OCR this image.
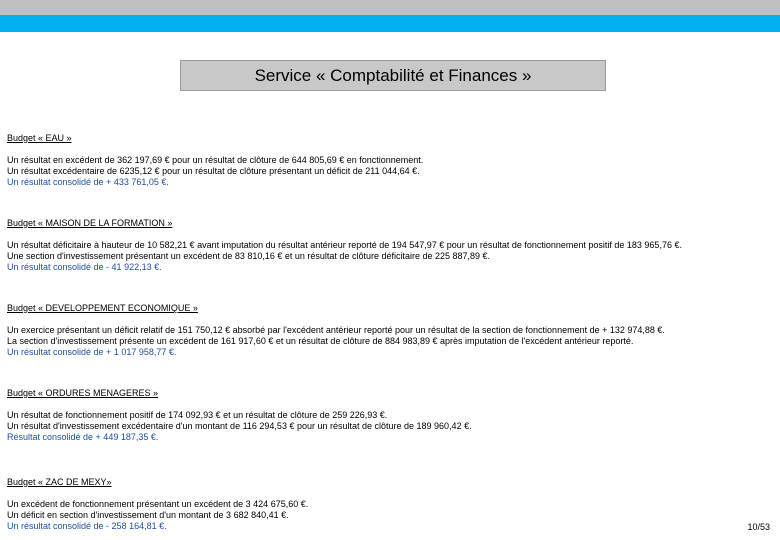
Service « Comptabilité et Finances »
Budget « EAU »
Un résultat en excédent de 362 197,69 € pour un résultat de clôture de 644 805,69 € en fonctionnement.
Un résultat excédentaire de 6235,12 € pour un résultat de clôture présentant un déficit de 211 044,64 €.
Un résultat consolidé de + 433 761,05 €.
Budget « MAISON DE LA FORMATION »
Un résultat déficitaire à hauteur de 10 582,21 € avant imputation du résultat antérieur reporté de 194 547,97 € pour un résultat de fonctionnement positif de 183 965,76 €.
Une section d'investissement présentant un excédent de 83 810,16 € et un résultat de clôture déficitaire de 225 887,89 €.
Un résultat consolidé de - 41 922,13 €.
Budget « DEVELOPPEMENT ECONOMIQUE »
Un exercice présentant un déficit relatif de 151 750,12 € absorbé par l'excédent antérieur reporté pour un résultat de la section de fonctionnement de + 132 974,88 €.
La section d'investissement présente un excédent de 161 917,60 € et un résultat de clôture de 884 983,89 € après imputation de l'excédent antérieur reporté.
Un résultat consolidé de + 1 017 958,77 €.
Budget « ORDURES MENAGERES »
Un résultat de fonctionnement positif de 174 092,93 € et un résultat de clôture de 259 226,93 €.
Un résultat d'investissement excédentaire d'un montant de 116 294,53 € pour un résultat de clôture de 189 960,42 €.
Résultat consolidé de + 449 187,35 €.
Budget « ZAC DE MEXY»
Un excédent de fonctionnement présentant un excédent de 3 424 675,60 €.
Un déficit en section d'investissement d'un montant de 3 682 840,41 €.
Un résultat consolidé de - 258 164,81 €.	10/53
